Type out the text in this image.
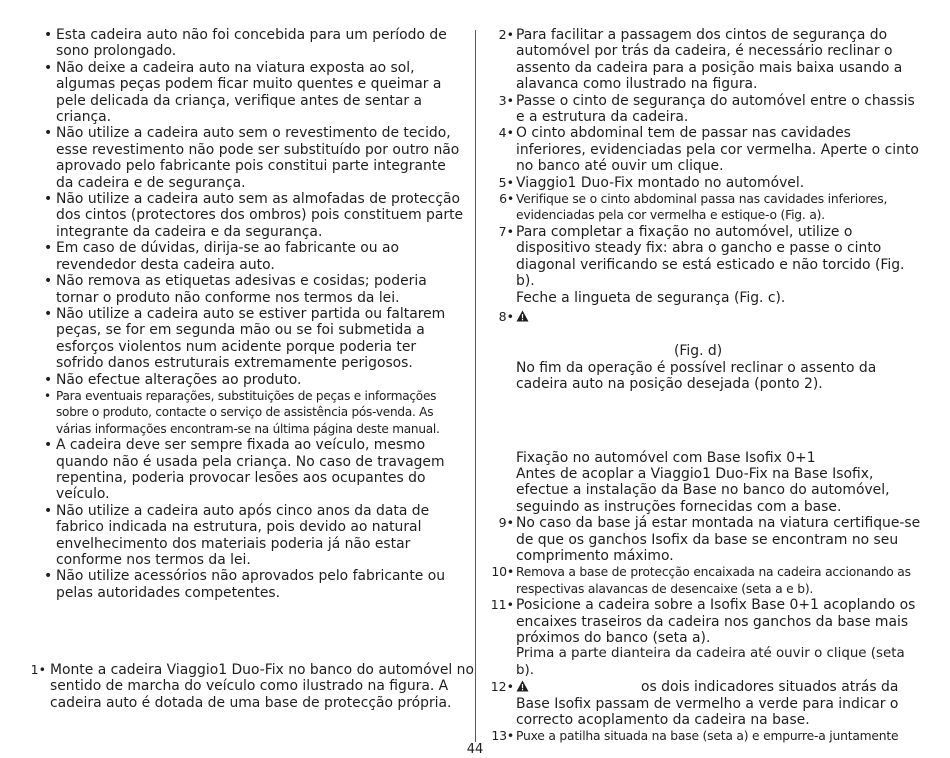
• Esta cadeira auto não foi concebida para um período de sono prolongado.
• Não deixe a cadeira auto na viatura exposta ao sol, algumas peças podem ficar muito quentes e queimar a pele delicada da criança, verifique antes de sentar a criança.
• Não utilize a cadeira auto sem o revestimento de tecido, esse revestimento não pode ser substituído por outro não aprovado pelo fabricante pois constitui parte integrante da cadeira e de segurança.
• Não utilize a cadeira auto sem as almofadas de protecção dos cintos (protectores dos ombros) pois constituem parte integrante da cadeira e da segurança.
• Em caso de dúvidas, dirija-se ao fabricante ou ao revendedor desta cadeira auto.
• Não remova as etiquetas adesivas e cosidas; poderia tornar o produto não conforme nos termos da lei.
• Não utilize a cadeira auto se estiver partida ou faltarem peças, se for em segunda mão ou se foi submetida a esforços violentos num acidente porque poderia ter sofrido danos estruturais extremamente perigosos.
• Não efectue alterações ao produto.
• Para eventuais reparações, substituições de peças e informações sobre o produto, contacte o serviço de assistência pós-venda. As várias informações encontram-se na última página deste manual.
• A cadeira deve ser sempre fixada ao veículo, mesmo quando não é usada pela criança. No caso de travagem repentina, poderia provocar lesões aos ocupantes do veículo.
• Não utilize a cadeira auto após cinco anos da data de fabrico indicada na estrutura, pois devido ao natural envelhecimento dos materiais poderia já não estar conforme nos termos da lei.
• Não utilize acessórios não aprovados pelo fabricante ou pelas autoridades competentes.
1• Monte a cadeira Viaggio1 Duo-Fix no banco do automóvel no sentido de marcha do veículo como ilustrado na figura. A cadeira auto é dotada de uma base de protecção própria.
2• Para facilitar a passagem dos cintos de segurança do automóvel por trás da cadeira, é necessário reclinar o assento da cadeira para a posição mais baixa usando a alavanca como ilustrado na figura.
3• Passe o cinto de segurança do automóvel entre o chassis e a estrutura da cadeira.
4• O cinto abdominal tem de passar nas cavidades inferiores, evidenciadas pela cor vermelha. Aperte o cinto no banco até ouvir um clique.
5• Viaggio1 Duo-Fix montado no automóvel.
6• Verifique se o cinto abdominal passa nas cavidades inferiores, evidenciadas pela cor vermelha e estique-o (Fig. a).
7• Para completar a fixação no automóvel, utilize o dispositivo steady fix: abra o gancho e passe o cinto diagonal verificando se está esticado e não torcido (Fig. b).
Feche a lingueta de segurança (Fig. c).
8•
(Fig. d)
No fim da operação é possível reclinar o assento da cadeira auto na posição desejada (ponto 2).
Fixação no automóvel com Base Isofix 0+1
Antes de acoplar a Viaggio1 Duo-Fix na Base Isofix, efectue a instalação da Base no banco do automóvel, seguindo as instruções fornecidas com a base.
9• No caso da base já estar montada na viatura certifique-se de que os ganchos Isofix da base se encontram no seu comprimento máximo.
10• Remova a base de protecção encaixada na cadeira accionando as respectivas alavancas de desencaixe (seta a e b).
11• Posicione a cadeira sobre a Isofix Base 0+1 acoplando os encaixes traseiros da cadeira nos ganchos da base mais próximos do banco (seta a).
Prima a parte dianteira da cadeira até ouvir o clique (seta b).
12•	os dois indicadores situados atrás da
Base Isofix passam de vermelho a verde para indicar o correcto acoplamento da cadeira na base.
13• Puxe a patilha situada na base (seta a) e empurre-a juntamente
44
